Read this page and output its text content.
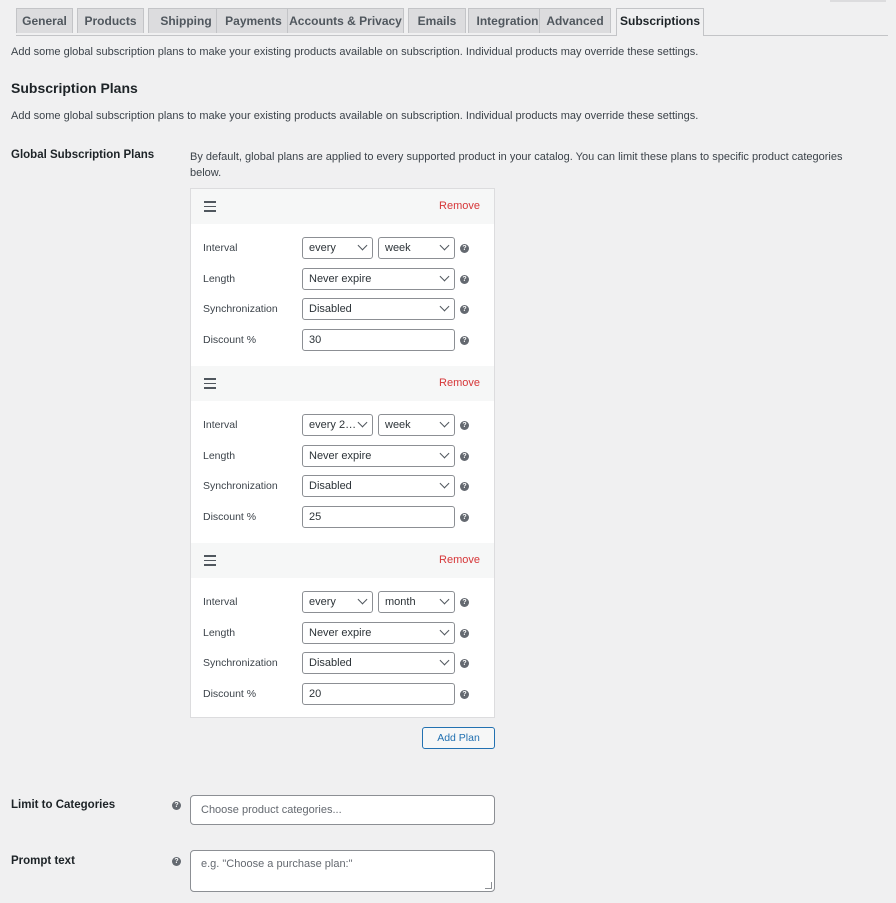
General	Products	Shipping	Payments Accounts & Privacy	Emails	Integration Advanced	Subscriptions
Add some global subscription plans to make your existing products available on subscription. Individual products may override these settings.
Subscription Plans
Add some global subscription plans to make your existing products available on subscription. Individual products may override these settings.
Global Subscription Plans	By default, global plans are applied to every supported product in your catalog. You can limit these plans to specific product categories below.
Remove
Interval	every	week	?
Length	Never expire	?
Synchronization	Disabled	?
Discount %	30	?
Remove
Interval	every 2…	week	?
Length	Never expire	?
Synchronization	Disabled	?
Discount %	25	?
Remove
Interval	every	month	?
Length	Never expire	?
Synchronization	Disabled	?
Discount %	20	?
Add Plan
Limit to Categories	?	Choose product categories...
Prompt text	?	e.g. "Choose a purchase plan:"
